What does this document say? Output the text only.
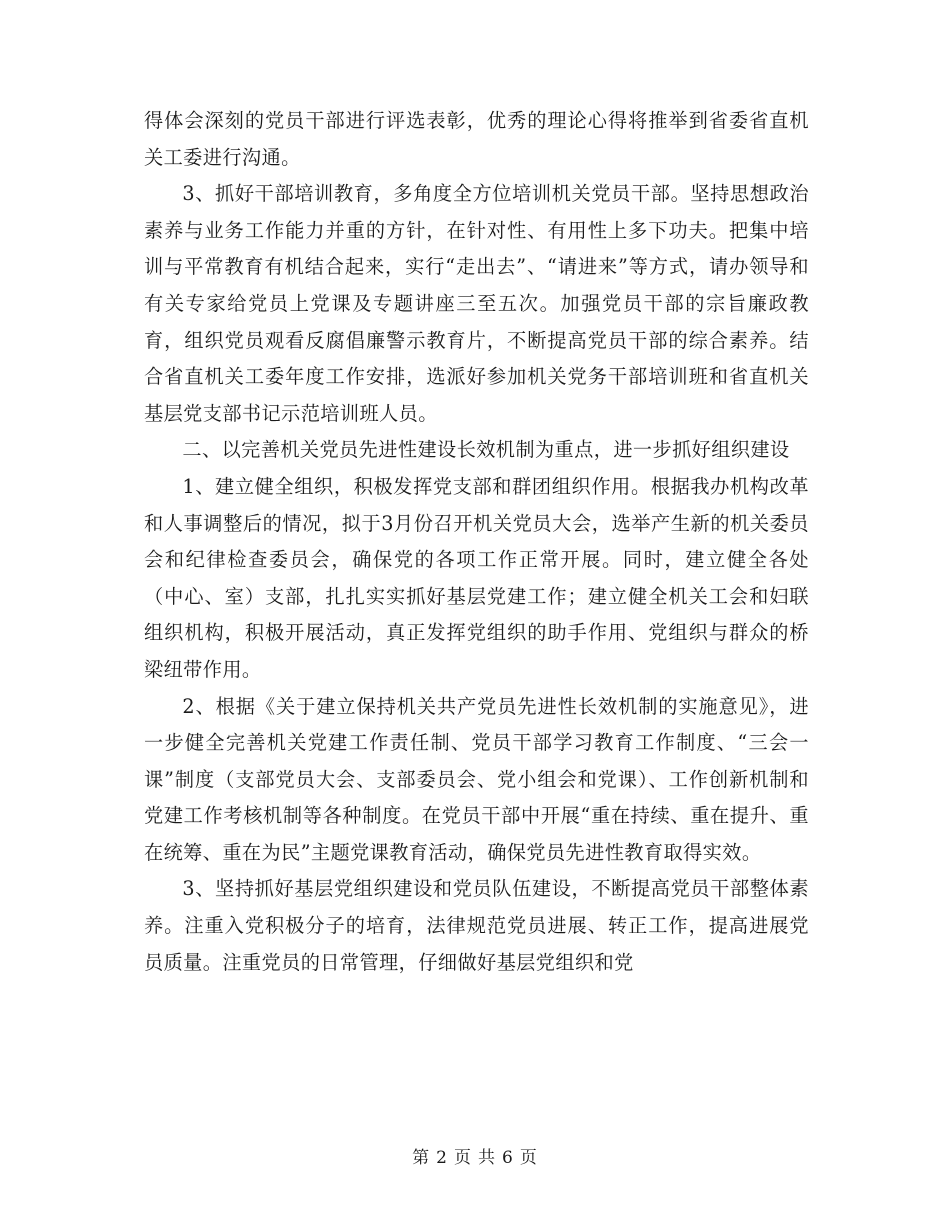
得体会深刻的党员干部进行评选表彰，优秀的理论心得将推举到省委省直机关工委进行沟通。

3、抓好干部培训教育，多角度全方位培训机关党员干部。坚持思想政治素养与业务工作能力并重的方针，在针对性、有用性上多下功夫。把集中培训与平常教育有机结合起来，实行“走出去”、“请进来”等方式，请办领导和有关专家给党员上党课及专题讲座三至五次。加强党员干部的宗旨廉政教育，组织党员观看反腐倡廉警示教育片，不断提高党员干部的综合素养。结合省直机关工委年度工作安排，选派好参加机关党务干部培训班和省直机关基层党支部书记示范培训班人员。

二、以完善机关党员先进性建设长效机制为重点，进一步抓好组织建设

1、建立健全组织，积极发挥党支部和群团组织作用。根据我办机构改革和人事调整后的情况，拟于3月份召开机关党员大会，选举产生新的机关委员会和纪律检查委员会，确保党的各项工作正常开展。同时，建立健全各处（中心、室）支部，扎扎实实抓好基层党建工作；建立健全机关工会和妇联组织机构，积极开展活动，真正发挥党组织的助手作用、党组织与群众的桥梁纽带作用。

2、根据《关于建立保持机关共产党员先进性长效机制的实施意见》，进一步健全完善机关党建工作责任制、党员干部学习教育工作制度、“三会一课”制度（支部党员大会、支部委员会、党小组会和党课）、工作创新机制和党建工作考核机制等各种制度。在党员干部中开展“重在持续、重在提升、重在统筹、重在为民”主题党课教育活动，确保党员先进性教育取得实效。

3、坚持抓好基层党组织建设和党员队伍建设，不断提高党员干部整体素养。注重入党积极分子的培育，法律规范党员进展、转正工作，提高进展党员质量。注重党员的日常管理，仔细做好基层党组织和党

第 2 页 共 6 页
